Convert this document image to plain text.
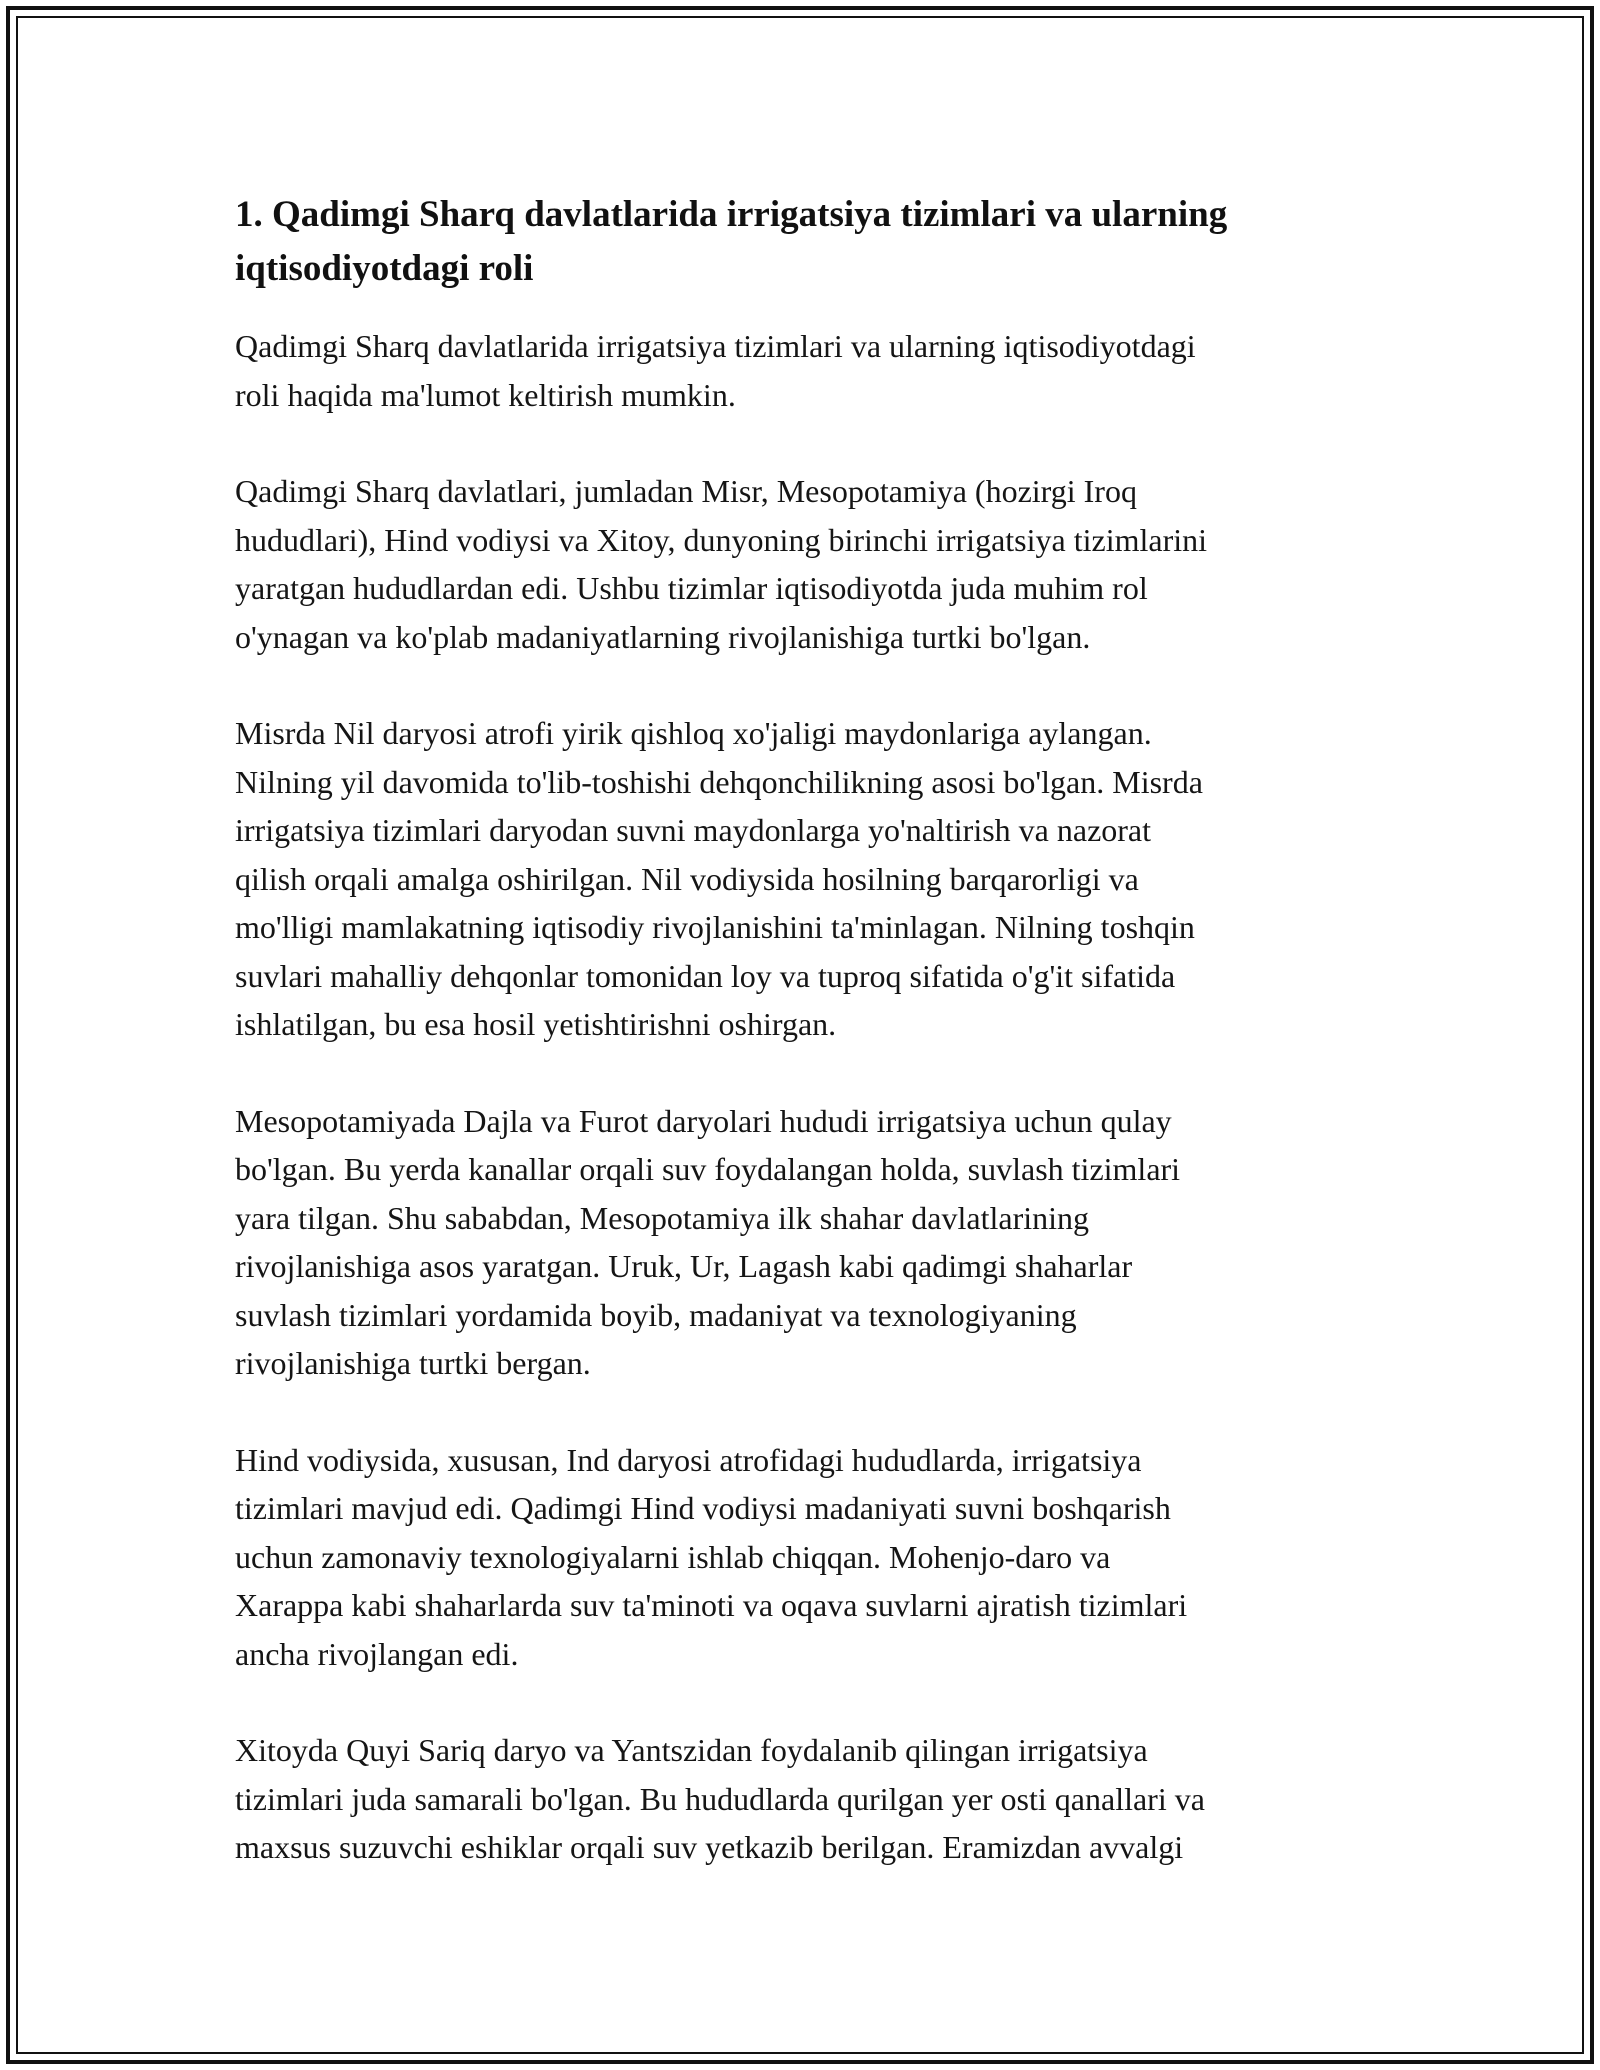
1. Qadimgi Sharq davlatlarida irrigatsiya tizimlari va ularning
iqtisodiyotdagi roli

Qadimgi Sharq davlatlarida irrigatsiya tizimlari va ularning iqtisodiyotdagi
roli haqida ma'lumot keltirish mumkin.

Qadimgi Sharq davlatlari, jumladan Misr, Mesopotamiya (hozirgi Iroq
hududlari), Hind vodiysi va Xitoy, dunyoning birinchi irrigatsiya tizimlarini
yaratgan hududlardan edi. Ushbu tizimlar iqtisodiyotda juda muhim rol
o'ynagan va ko'plab madaniyatlarning rivojlanishiga turtki bo'lgan.

Misrda Nil daryosi atrofi yirik qishloq xo'jaligi maydonlariga aylangan.
Nilning yil davomida to'lib-toshishi dehqonchilikning asosi bo'lgan. Misrda
irrigatsiya tizimlari daryodan suvni maydonlarga yo'naltirish va nazorat
qilish orqali amalga oshirilgan. Nil vodiysida hosilning barqarorligi va
mo'lligi mamlakatning iqtisodiy rivojlanishini ta'minlagan. Nilning toshqin
suvlari mahalliy dehqonlar tomonidan loy va tuproq sifatida o'g'it sifatida
ishlatilgan, bu esa hosil yetishtirishni oshirgan.

Mesopotamiyada Dajla va Furot daryolari hududi irrigatsiya uchun qulay
bo'lgan. Bu yerda kanallar orqali suv foydalangan holda, suvlash tizimlari
yara tilgan. Shu sababdan, Mesopotamiya ilk shahar davlatlarining
rivojlanishiga asos yaratgan. Uruk, Ur, Lagash kabi qadimgi shaharlar
suvlash tizimlari yordamida boyib, madaniyat va texnologiyaning
rivojlanishiga turtki bergan.

Hind vodiysida, xususan, Ind daryosi atrofidagi hududlarda, irrigatsiya
tizimlari mavjud edi. Qadimgi Hind vodiysi madaniyati suvni boshqarish
uchun zamonaviy texnologiyalarni ishlab chiqqan. Mohenjo-daro va
Xarappa kabi shaharlarda suv ta'minoti va oqava suvlarni ajratish tizimlari
ancha rivojlangan edi.

Xitoyda Quyi Sariq daryo va Yantszidan foydalanib qilingan irrigatsiya
tizimlari juda samarali bo'lgan. Bu hududlarda qurilgan yer osti qanallari va
maxsus suzuvchi eshiklar orqali suv yetkazib berilgan. Eramizdan avvalgi
